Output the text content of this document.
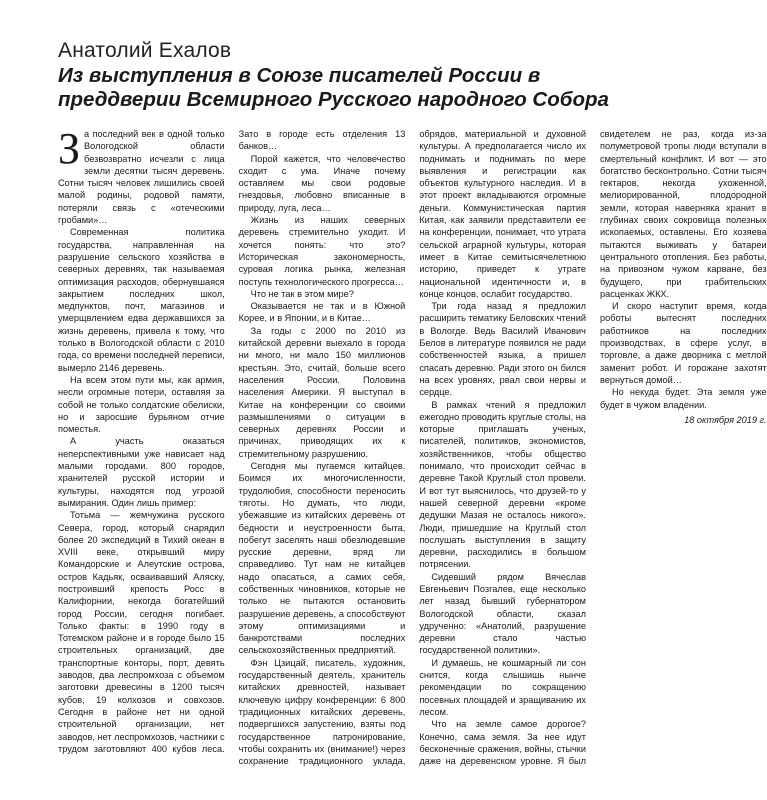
Анатолий Ехалов
Из выступления в Союзе писателей России в преддверии Всемирного Русского народного Собора

За последний век в одной только Вологодской области безвозвратно исчезли с лица земли десятки тысяч деревень. Сотни тысяч человек лишились своей малой родины, родовой памяти, потеряли связь с «отеческими гробами»…

Современная политика государства, направленная на разрушение сельского хозяйства в северных деревнях, так называемая оптимизация расходов, обернувшаяся закрытием последних школ, медпунктов, почт, магазинов и умерщвлением едва державшихся за жизнь деревень, привела к тому, что только в Вологодской области с 2010 года, со времени последней переписи, вымерло 2146 деревень.

На всем этом пути мы, как армия, несли огромные потери, оставляя за собой не только солдатские обелиски, но и заросшие бурьяном отчие поместья.

А участь оказаться неперспективными уже нависает над малыми городами. 800 городов, хранителей русской истории и культуры, находятся под угрозой вымирания. Один лишь пример:

Тотьма — жемчужина русского Севера, город, который снарядил более 20 экспедиций в Тихий океан в XVIII веке, открывший миру Командорские и Алеутские острова, остров Кадьяк, осваивавший Аляску, построивший крепость Росс в Калифорнии, некогда богатейший город России, сегодня погибает. Только факты: в 1990 году в Тотемском районе и в городе было 15 строительных организаций, две транспортные конторы, порт, девять заводов, два леспромхоза с объемом заготовки древесины в 1200 тысяч кубов, 19 колхозов и совхозов. Сегодня в районе нет ни одной строительной организации, нет заводов, нет леспромхозов, частники с трудом заготовляют 400 кубов леса. Зато в городе есть отделения 13 банков…

Порой кажется, что человечество сходит с ума. Иначе почему оставляем мы свои родовые гнездовья, любовно вписанные в природу, луга, леса…

Жизнь из наших северных деревень стремительно уходит. И хочется понять: что это? Историческая закономерность, суровая логика рынка, железная поступь технологического прогресса…

Что не так в этом мире?

Оказывается не так и в Южной Корее, и в Японии, и в Китае…

За годы с 2000 по 2010 из китайской деревни выехало в города ни много, ни мало 150 миллионов крестьян. Это, считай, больше всего населения России. Половина населения Америки. Я выступал в Китае на конференции со своими размышлениями о ситуации в северных деревнях России и причинах, приводящих их к стремительному разрушению.

Сегодня мы пугаемся китайцев. Боимся их многочисленности, трудолюбия, способности переносить тяготы. Но думать, что люди, убежавшие из китайских деревень от бедности и неустроенности быта, побегут заселять нашi обезлюдевшие русские деревни, вряд ли справедливо. Тут нам не китайцев надо опасаться, а самих себя, собственных чиновников, которые не только не пытаются остановить разрушение деревень, а способствуют этому оптимизациями и банкротствами последних сельскохозяйственных предприятий.

Фэн Цзицай, писатель, художник, государственный деятель, хранитель китайских древностей, называет ключевую цифру конференции: 6 800 традиционных китайских деревень, подвергшихся запустению, взяты под государственное патронирование, чтобы сохранить их (внимание!) через сохранение традиционного уклада, обрядов, материальной и духовной культуры. А предполагается число их поднимать и поднимать по мере выявления и регистрации как объектов культурного наследия. И в этот проект вкладываются огромные деньги. Коммунистическая партия Китая, как заявили представители ее на конференции, понимает, что утрата сельской аграрной культуры, которая имеет в Китае семитысячелетнюю историю, приведет к утрате национальной идентичности и, в конце концов, ослабит государство.

Три года назад я предложил расширить тематику Беловских чтений в Вологде. Ведь Василий Иванович Белов в литературе появился не ради собственностей языка, а пришел спасать деревню. Ради этого он бился на всех уровнях, рвал свои нервы и сердце.

В рамках чтений я предложил ежегодно проводить круглые столы, на которые приглашать ученых, писателей, политиков, экономистов, хозяйственников, чтобы общество понимало, что происходит сейчас в деревне Такой Круглый стол провели. И вот тут выяснилось, что друзей-то у нашей северной деревни «кроме дедушки Мазая не осталось никого». Люди, пришедшие на Круглый стол послушать выступления в защиту деревни, расходились в большом потрясении.

Сидевший рядом Вячеслав Евгеньевич Позгалев, еще несколько лет назад бывший губернатором Вологодской области, сказал удрученно: «Анатолий, разрушение деревни стало частью государственной политики».

И думаешь, не кошмарный ли сон снится, когда слышишь нынче рекомендации по сокращению посевных площадей и зращиванию их лесом.

Что на земле самое дорогое? Конечно, сама земля. За нее идут бесконечные сражения, войны, стычки даже на деревенском уровне. Я был свидетелем не раз, когда из-за полуметровой тропы люди вступали в смертельный конфликт. И вот — это богатство бесконтрольно. Сотни тысяч гектаров, некогда ухоженной, мелиорированной, плодородной земли, которая наверняка хранит в глубинах своих сокровища полезных ископаемых, оставлены. Его хозяева пытаются выживать у батареи центрального отопления. Без работы, на привозном чужом карване, без будущего, при грабительских расценках ЖКХ.

И скоро наступит время, когда роботы вытеснят последних работников на последних производствах, в сфере услуг, в торговле, а даже дворника с метлой заменит робот. И горожане захотят вернуться домой…

Но некуда будет. Эта земля уже будет в чужом владении.

18 октября 2019 г.
